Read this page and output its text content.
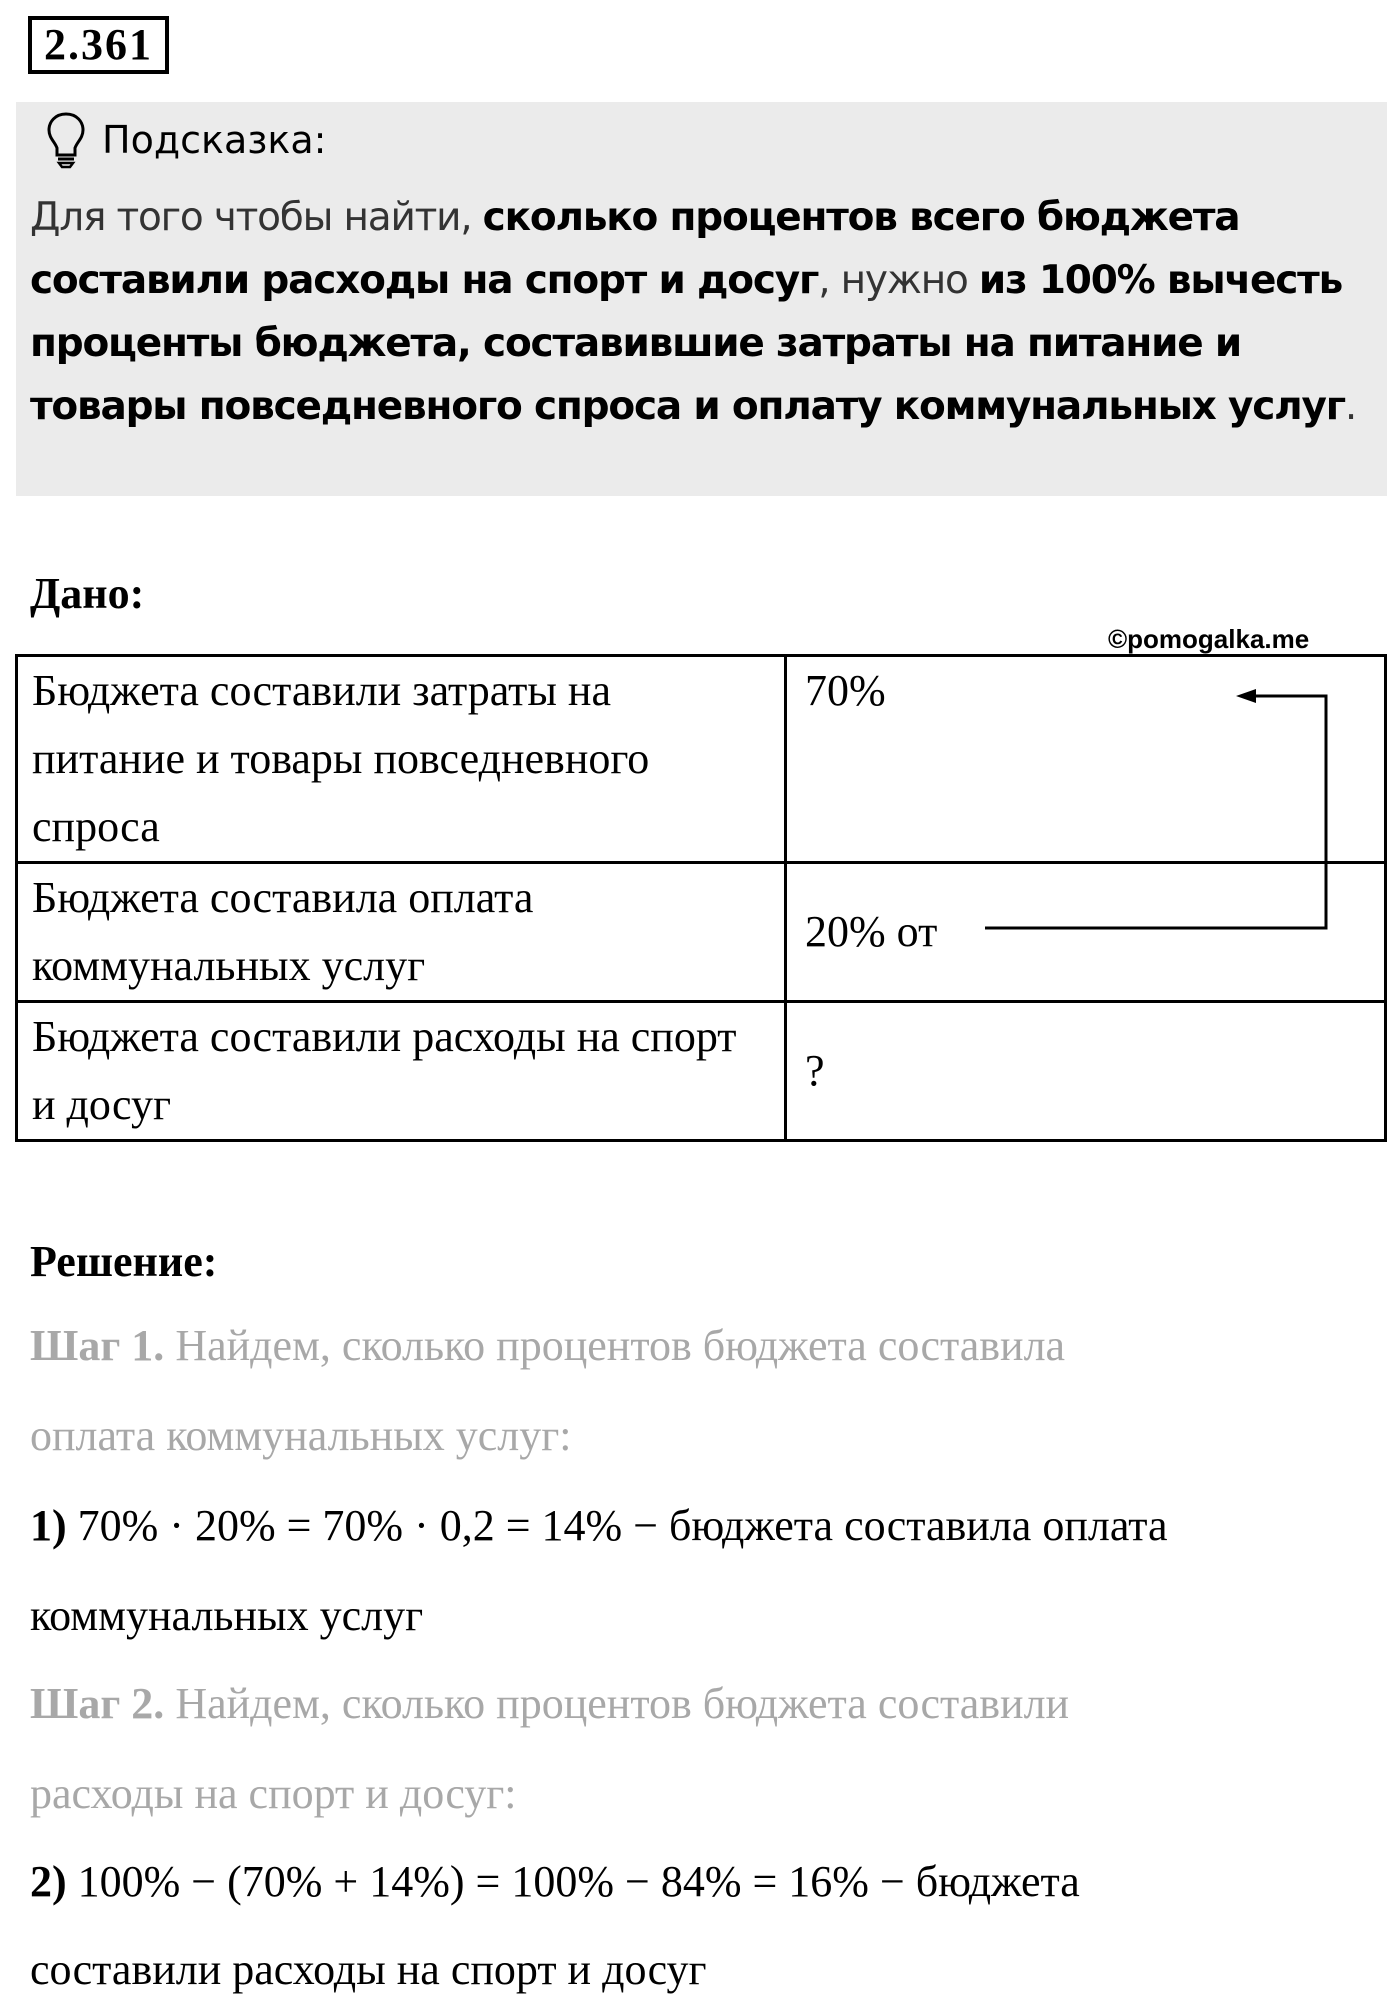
2.361
Подсказка:
Для того чтобы найти, сколько процентов всего бюджета составили расходы на спорт и досуг, нужно из 100% вычесть проценты бюджета, составившие затраты на питание и товары повседневного спроса и оплату коммунальных услуг.
Дано:
©pomogalka.me
Бюджета составили затраты на питание и товары повседневного спроса	70%
Бюджета составила оплата коммунальных услуг	20% от
Бюджета составили расходы на спорт и досуг	?
Решение:
Шаг 1. Найдем, сколько процентов бюджета составила
оплата коммунальных услуг:
1) 70% · 20% = 70% · 0,2 = 14% − бюджета составила оплата
коммунальных услуг
Шаг 2. Найдем, сколько процентов бюджета составили
расходы на спорт и досуг:
2) 100% − (70% + 14%) = 100% − 84% = 16% − бюджета
составили расходы на спорт и досуг
